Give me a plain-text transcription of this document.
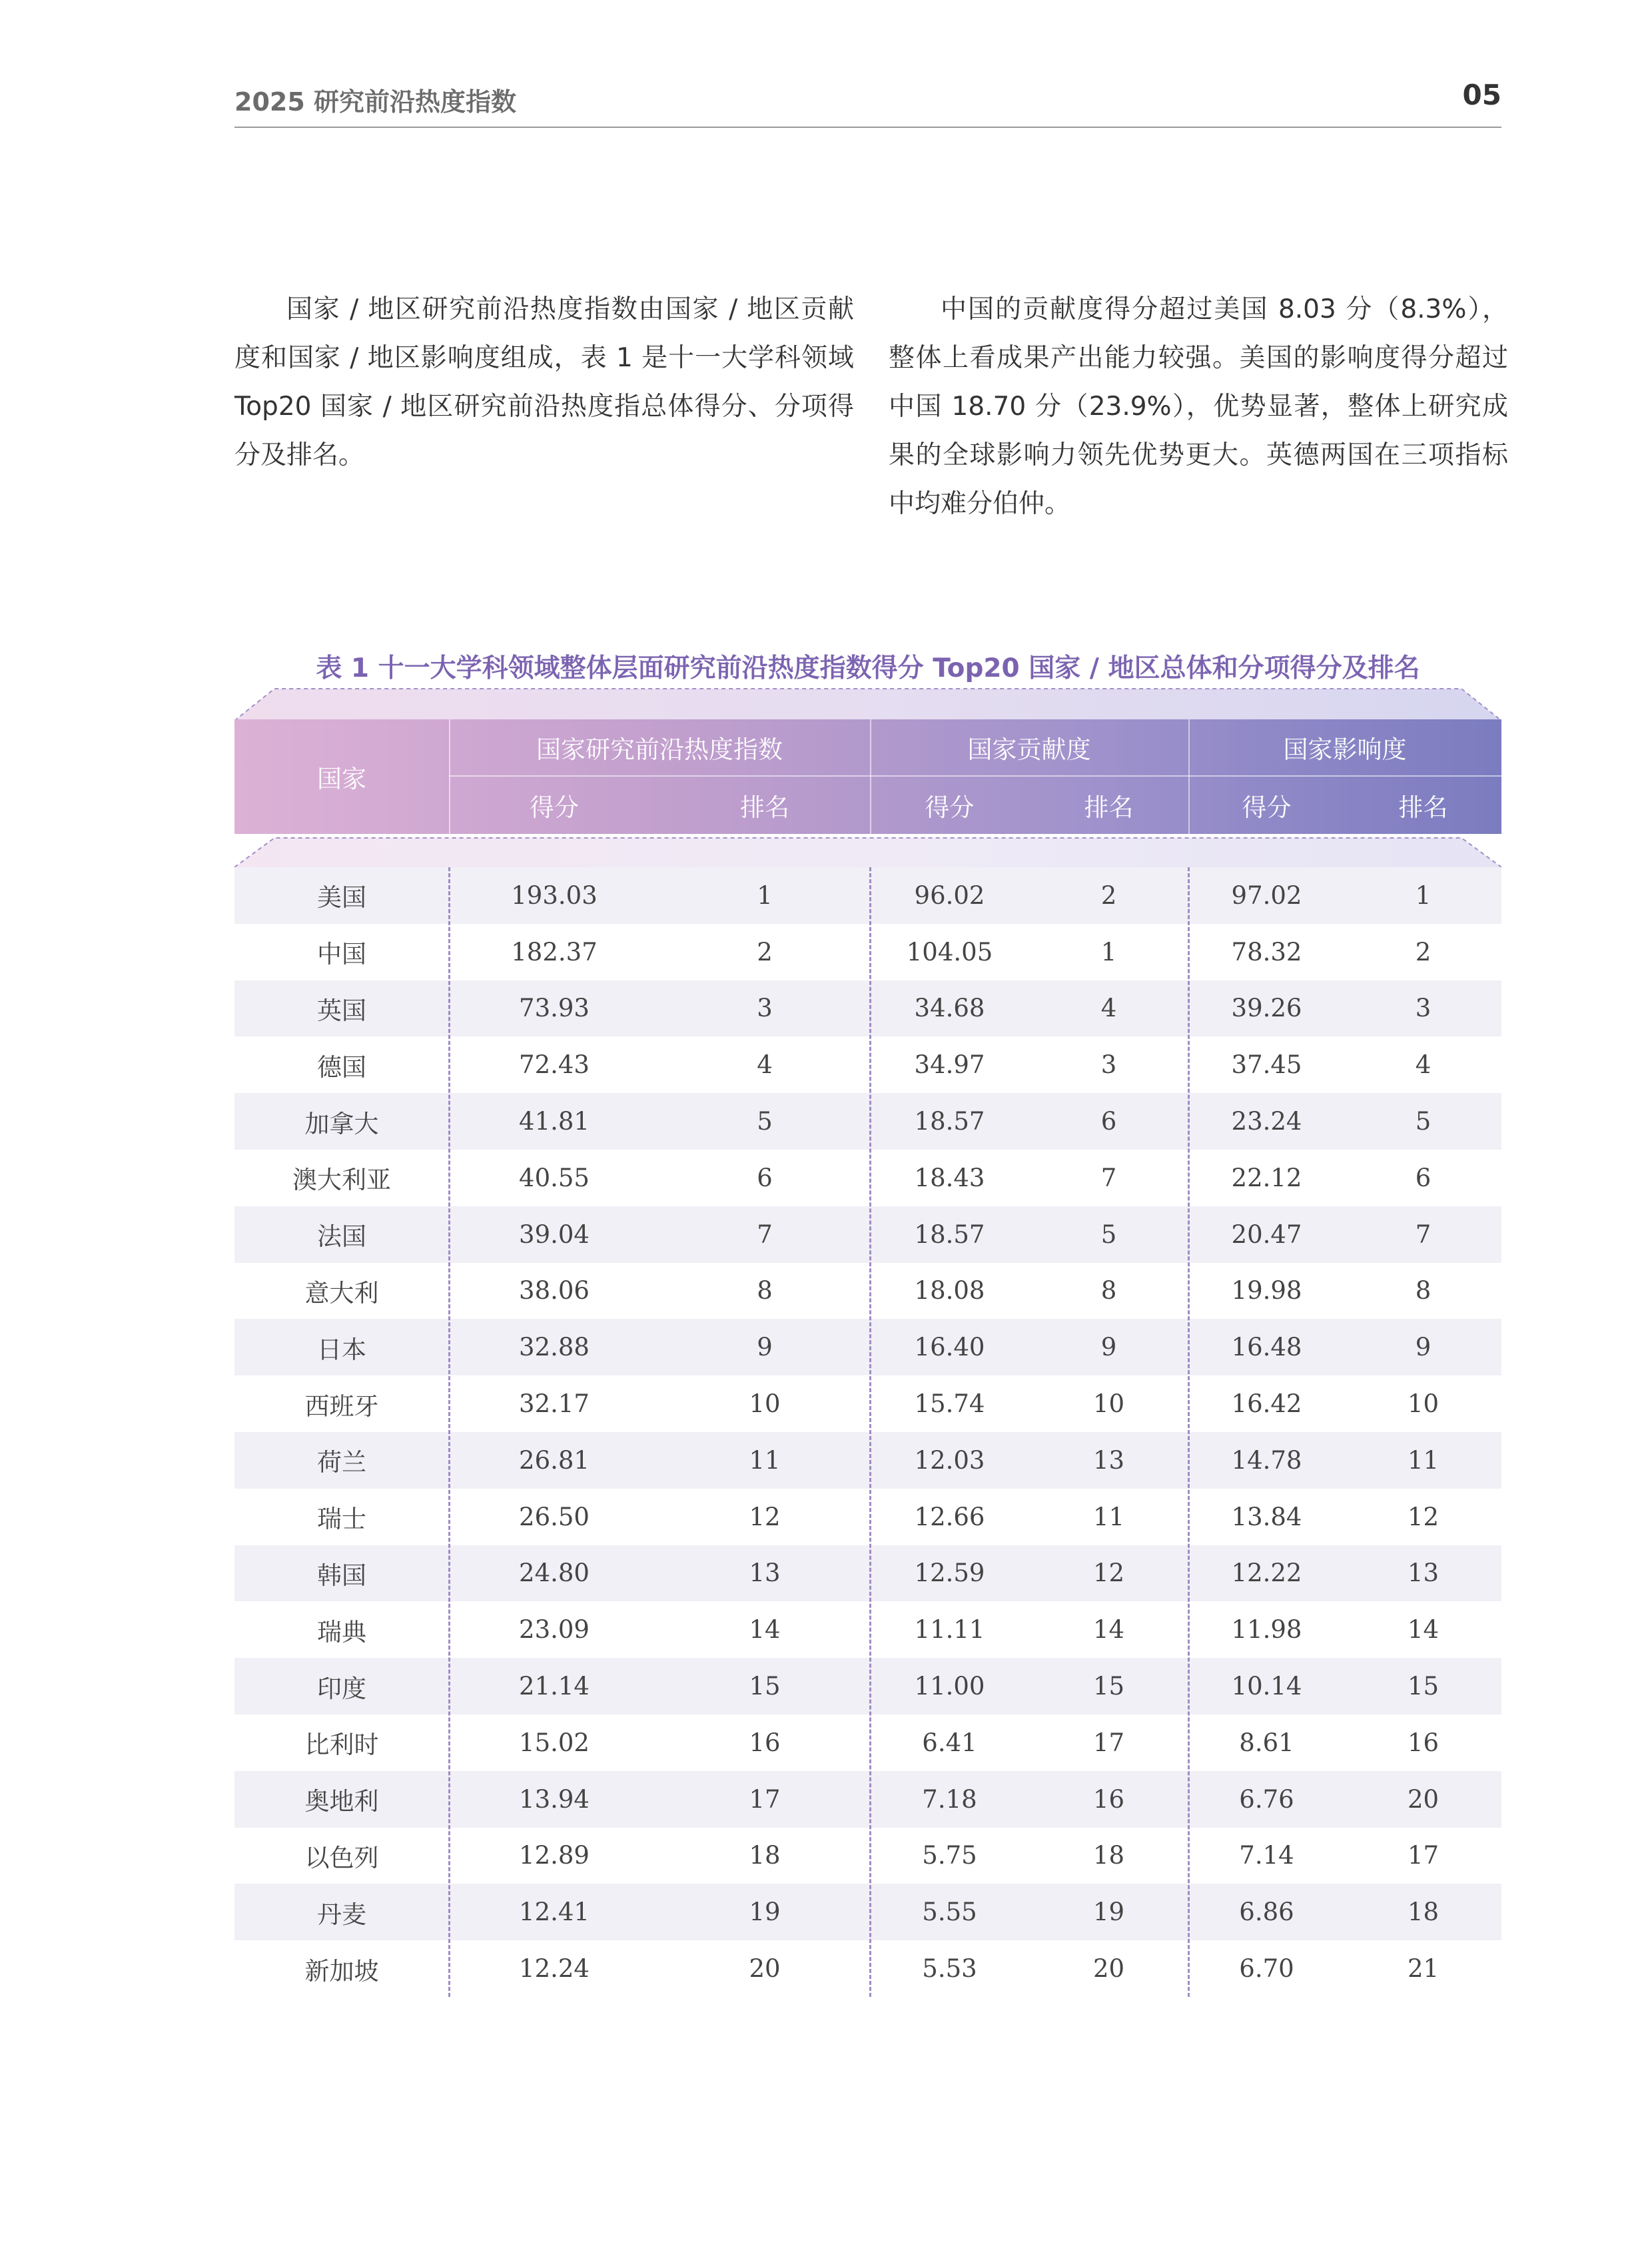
2025 研究前沿热度指数	05

国家 / 地区研究前沿热度指数由国家 / 地区贡献度和国家 / 地区影响度组成，表 1 是十一大学科领域 Top20 国家 / 地区研究前沿热度指总体得分、分项得分及排名。

中国的贡献度得分超过美国 8.03 分（8.3%），整体上看成果产出能力较强。美国的影响度得分超过中国 18.70 分（23.9%），优势显著，整体上研究成果的全球影响力领先优势更大。英德两国在三项指标中均难分伯仲。

表 1 十一大学科领域整体层面研究前沿热度指数得分 Top20 国家 / 地区总体和分项得分及排名

国家
国家研究前沿热度指数	国家贡献度	国家影响度
得分	排名	得分	排名	得分	排名
美国	193.03	1	96.02	2	97.02	1
中国	182.37	2	104.05	1	78.32	2
英国	73.93	3	34.68	4	39.26	3
德国	72.43	4	34.97	3	37.45	4
加拿大	41.81	5	18.57	6	23.24	5
澳大利亚	40.55	6	18.43	7	22.12	6
法国	39.04	7	18.57	5	20.47	7
意大利	38.06	8	18.08	8	19.98	8
日本	32.88	9	16.40	9	16.48	9
西班牙	32.17	10	15.74	10	16.42	10
荷兰	26.81	11	12.03	13	14.78	11
瑞士	26.50	12	12.66	11	13.84	12
韩国	24.80	13	12.59	12	12.22	13
瑞典	23.09	14	11.11	14	11.98	14
印度	21.14	15	11.00	15	10.14	15
比利时	15.02	16	6.41	17	8.61	16
奥地利	13.94	17	7.18	16	6.76	20
以色列	12.89	18	5.75	18	7.14	17
丹麦	12.41	19	5.55	19	6.86	18
新加坡	12.24	20	5.53	20	6.70	21
